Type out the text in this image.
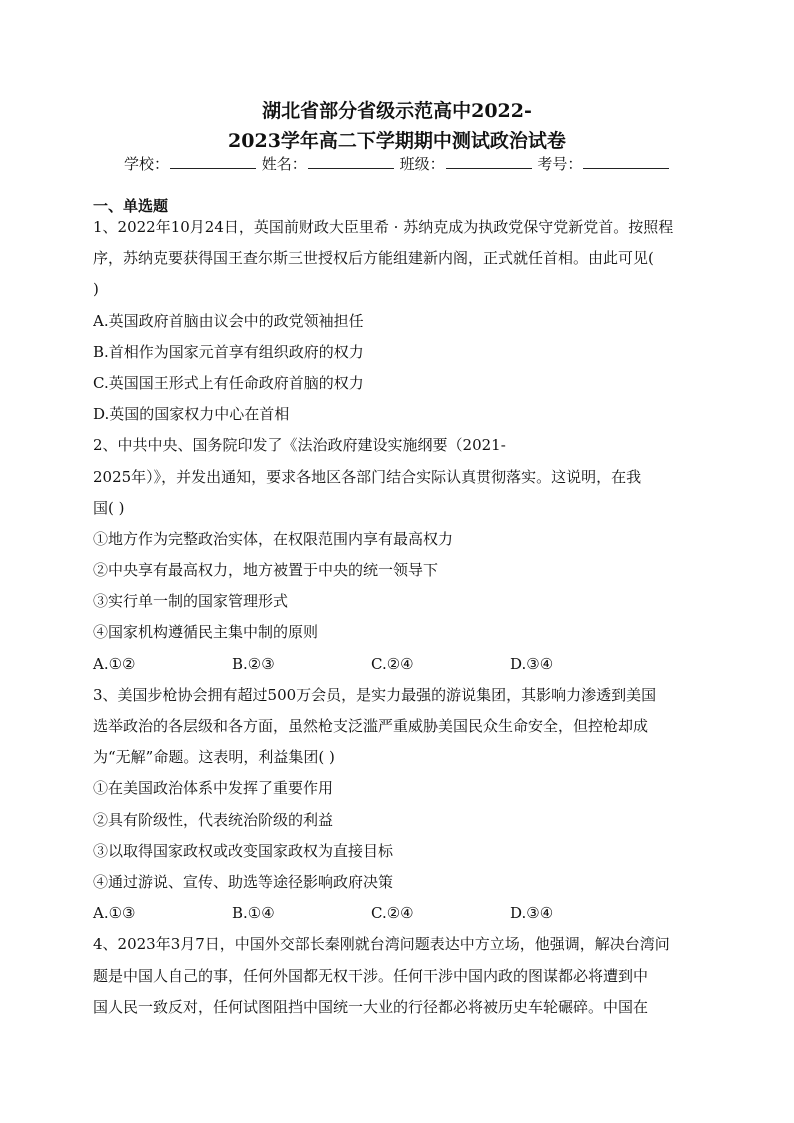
湖北省部分省级示范高中2022-
2023学年高二下学期期中测试政治试卷
学校：	姓名：	班级：	考号：
一、单选题
1、2022年10月24日，英国前财政大臣里希 · 苏纳克成为执政党保守党新党首。按照程
序，苏纳克要获得国王查尔斯三世授权后方能组建新内阁，正式就任首相。由此可见(
)
A.英国政府首脑由议会中的政党领袖担任
B.首相作为国家元首享有组织政府的权力
C.英国国王形式上有任命政府首脑的权力
D.英国的国家权力中心在首相
2、中共中央、国务院印发了《法治政府建设实施纲要（2021-
2025年）》，并发出通知，要求各地区各部门结合实际认真贯彻落实。这说明，在我
国( )
①地方作为完整政治实体，在权限范围内享有最高权力
②中央享有最高权力，地方被置于中央的统一领导下
③实行单一制的国家管理形式
④国家机构遵循民主集中制的原则
A.①②	B.②③	C.②④	D.③④
3、美国步枪协会拥有超过500万会员，是实力最强的游说集团，其影响力渗透到美国
选举政治的各层级和各方面，虽然枪支泛滥严重威胁美国民众生命安全，但控枪却成
为“无解”命题。这表明，利益集团( )
①在美国政治体系中发挥了重要作用
②具有阶级性，代表统治阶级的利益
③以取得国家政权或改变国家政权为直接目标
④通过游说、宣传、助选等途径影响政府决策
A.①③	B.①④	C.②④	D.③④
4、2023年3月7日，中国外交部长秦刚就台湾问题表达中方立场，他强调，解决台湾问
题是中国人自己的事，任何外国都无权干涉。任何干涉中国内政的图谋都必将遭到中
国人民一致反对，任何试图阻挡中国统一大业的行径都必将被历史车轮碾碎。中国在
